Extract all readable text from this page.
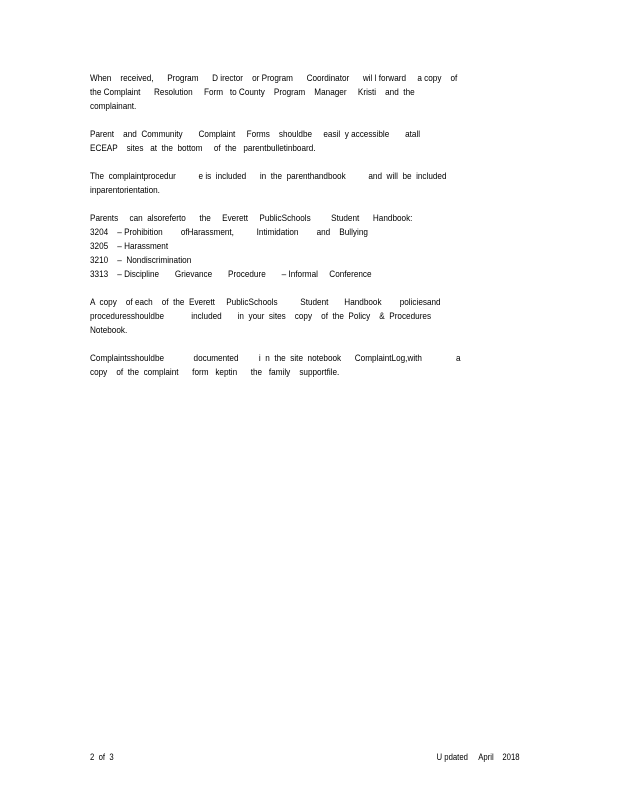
When    received,      Program      D irector    or Program      Coordinator      wil l forward     a copy    of
the Complaint      Resolution     Form   to County    Program    Manager     Kristi    and  the
complainant.
Parent    and  Community       Complaint     Forms    shouldbe     easil  y accessible       atall
ECEAP    sites   at  the  bottom     of  the   parentbulletinboard.
The  complaintprocedur          e is  included      in  the  parenthandbook          and  will  be  included
inparentorientation.
Parents     can  alsoreferto      the     Everett     PublicSchools         Student      Handbook:
3204    – Prohibition        ofHarassment,          Intimidation        and    Bullying
3205    – Harassment
3210    –  Nondiscrimination
3313    – Discipline       Grievance       Procedure       – Informal     Conference
A  copy    of each    of  the  Everett     PublicSchools          Student       Handbook        policiesand
proceduresshouldbe            included       in  your  sites    copy    of  the  Policy    &  Procedures
Notebook.
Complaintsshouldbe             documented         i  n  the  site  notebook      ComplaintLog,with               a
copy    of  the  complaint      form   keptin      the   family    supportfile.
2  of  3	U pdated     April    2018
